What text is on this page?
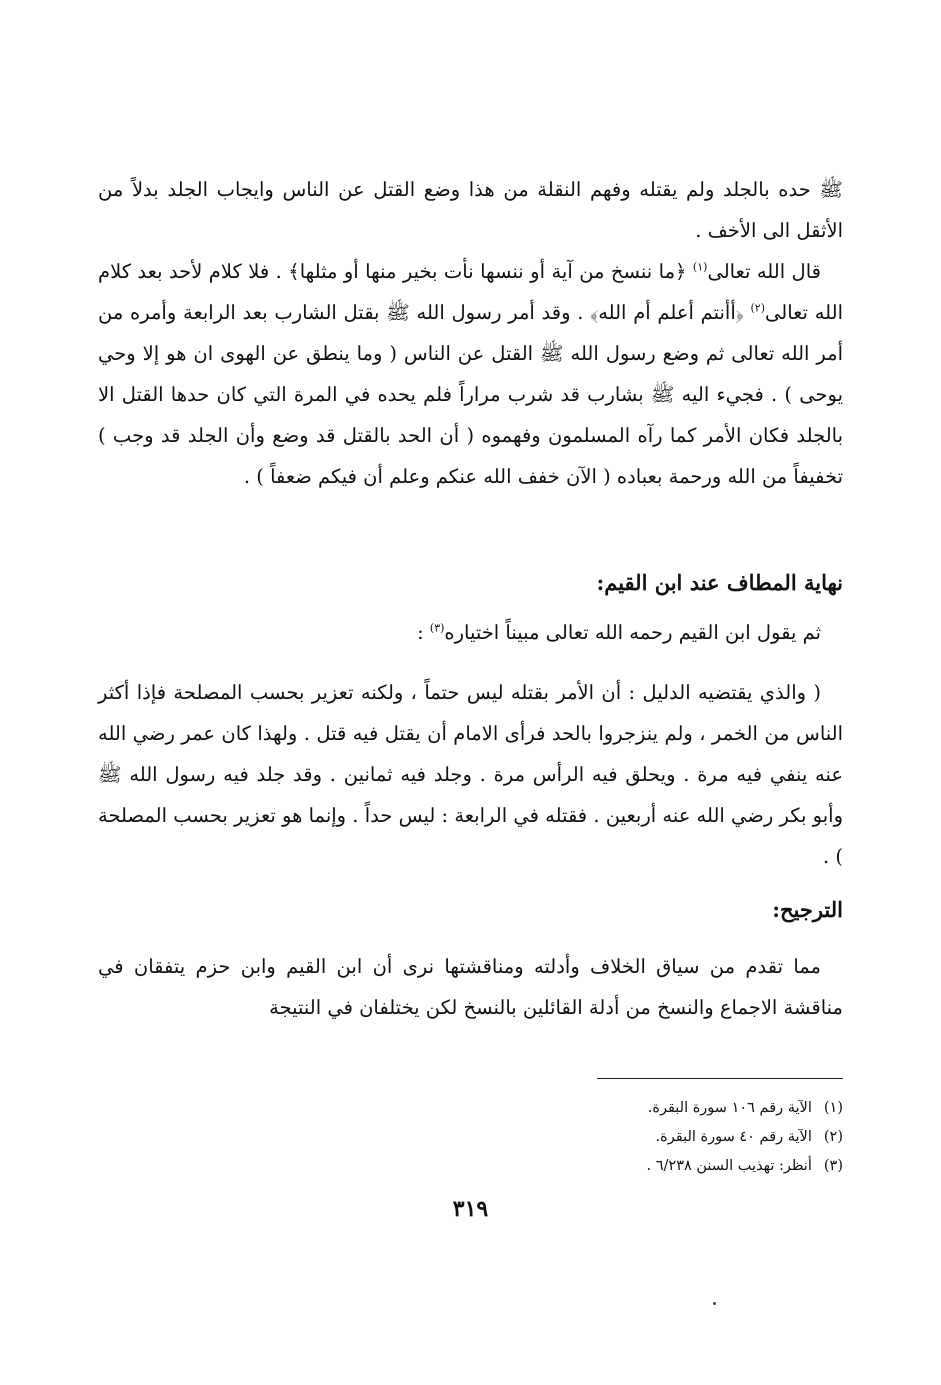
ﷺ حده بالجلد ولم يقتله وفهم النقلة من هذا وضع القتل عن الناس وايجاب الجلد بدلاً من الأثقل الى الأخف .

قال الله تعالى$^{(١)}$ ﴿ما ننسخ من آية أو ننسها نأت بخير منها أو مثلها﴾ . فلا كلام لأحد بعد كلام الله تعالى$^{(٢)}$ ﴿أأنتم أعلم أم الله﴾ . وقد أمر رسول الله ﷺ بقتل الشارب بعد الرابعة وأمره من أمر الله تعالى ثم وضع رسول الله ﷺ القتل عن الناس ( وما ينطق عن الهوى ان هو إلا وحي يوحى ) . فجيء اليه ﷺ بشارب قد شرب مراراً فلم يحده في المرة التي كان حدها القتل الا بالجلد فكان الأمر كما رآه المسلمون وفهموه ( أن الحد بالقتل قد وضع وأن الجلد قد وجب ) تخفيفاً من الله ورحمة بعباده ( الآن خفف الله عنكم وعلم أن فيكم ضعفاً ) .

نهاية المطاف عند ابن القيم:

ثم يقول ابن القيم رحمه الله تعالى مبيناً اختياره$^{(٣)}$ :

( والذي يقتضيه الدليل : أن الأمر بقتله ليس حتماً ، ولكنه تعزير بحسب المصلحة فإذا أكثر الناس من الخمر ، ولم ينزجروا بالحد فرأى الامام أن يقتل فيه قتل . ولهذا كان عمر رضي الله عنه ينفي فيه مرة . ويحلق فيه الرأس مرة . وجلد فيه ثمانين . وقد جلد فيه رسول الله ﷺ وأبو بكر رضي الله عنه أربعين . فقتله في الرابعة : ليس حداً . وإنما هو تعزير بحسب المصلحة ) .

الترجيح:

مما تقدم من سياق الخلاف وأدلته ومناقشتها نرى أن ابن القيم وابن حزم يتفقان في مناقشة الاجماع والنسخ من أدلة القائلين بالنسخ لكن يختلفان في النتيجة

(١)الآية رقم ١٠٦ سورة البقرة.

(٢)الآية رقم ٤٠ سورة البقرة.

(٣)أنظر: تهذيب السنن ٦/٢٣٨ .

٣١٩
